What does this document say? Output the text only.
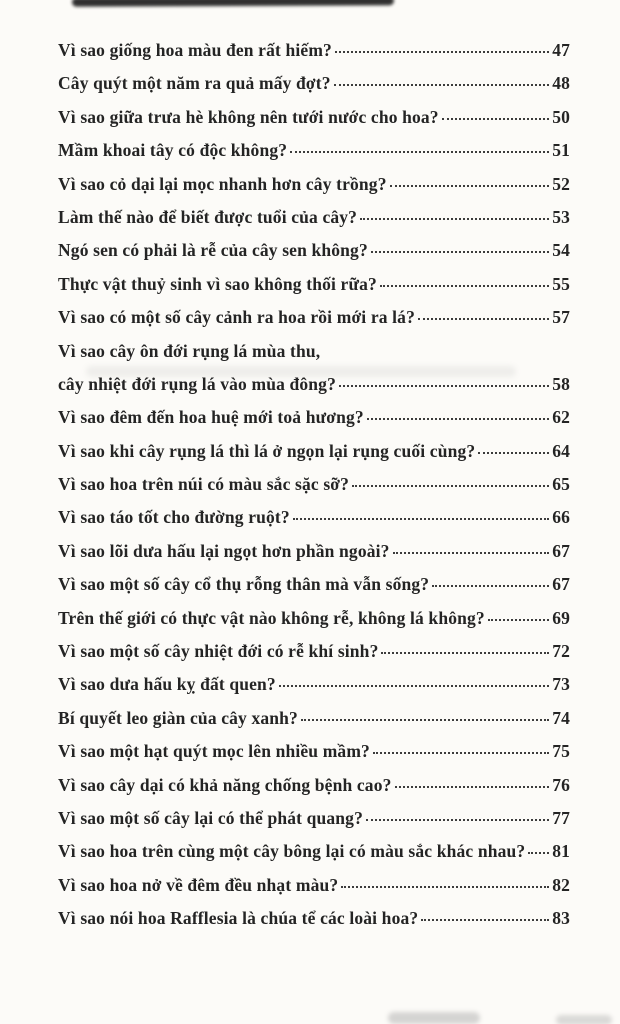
Vì sao giống hoa màu đen rất hiếm?	47
Cây quýt một năm ra quả mấy đợt?	48
Vì sao giữa trưa hè không nên tưới nước cho hoa?	50
Mầm khoai tây có độc không?	51
Vì sao cỏ dại lại mọc nhanh hơn cây trồng?	52
Làm thế nào để biết được tuổi của cây?	53
Ngó sen có phải là rễ của cây sen không?	54
Thực vật thuỷ sinh vì sao không thối rữa?	55
Vì sao có một số cây cảnh ra hoa rồi mới ra lá?	57
Vì sao cây ôn đới rụng lá mùa thu,
cây nhiệt đới rụng lá vào mùa đông?	58
Vì sao đêm đến hoa huệ mới toả hương?	62
Vì sao khi cây rụng lá thì lá ở ngọn lại rụng cuối cùng?	64
Vì sao hoa trên núi có màu sắc sặc sỡ?	65
Vì sao táo tốt cho đường ruột?	66
Vì sao lõi dưa hấu lại ngọt hơn phần ngoài?	67
Vì sao một số cây cổ thụ rỗng thân mà vẫn sống?	67
Trên thế giới có thực vật nào không rễ, không lá không?	69
Vì sao một số cây nhiệt đới có rễ khí sinh?	72
Vì sao dưa hấu kỵ đất quen?	73
Bí quyết leo giàn của cây xanh?	74
Vì sao một hạt quýt mọc lên nhiều mầm?	75
Vì sao cây dại có khả năng chống bệnh cao?	76
Vì sao một số cây lại có thể phát quang?	77
Vì sao hoa trên cùng một cây bông lại có màu sắc khác nhau? 81
Vì sao hoa nở về đêm đều nhạt màu?	82
Vì sao nói hoa Rafflesia là chúa tể các loài hoa?	83
